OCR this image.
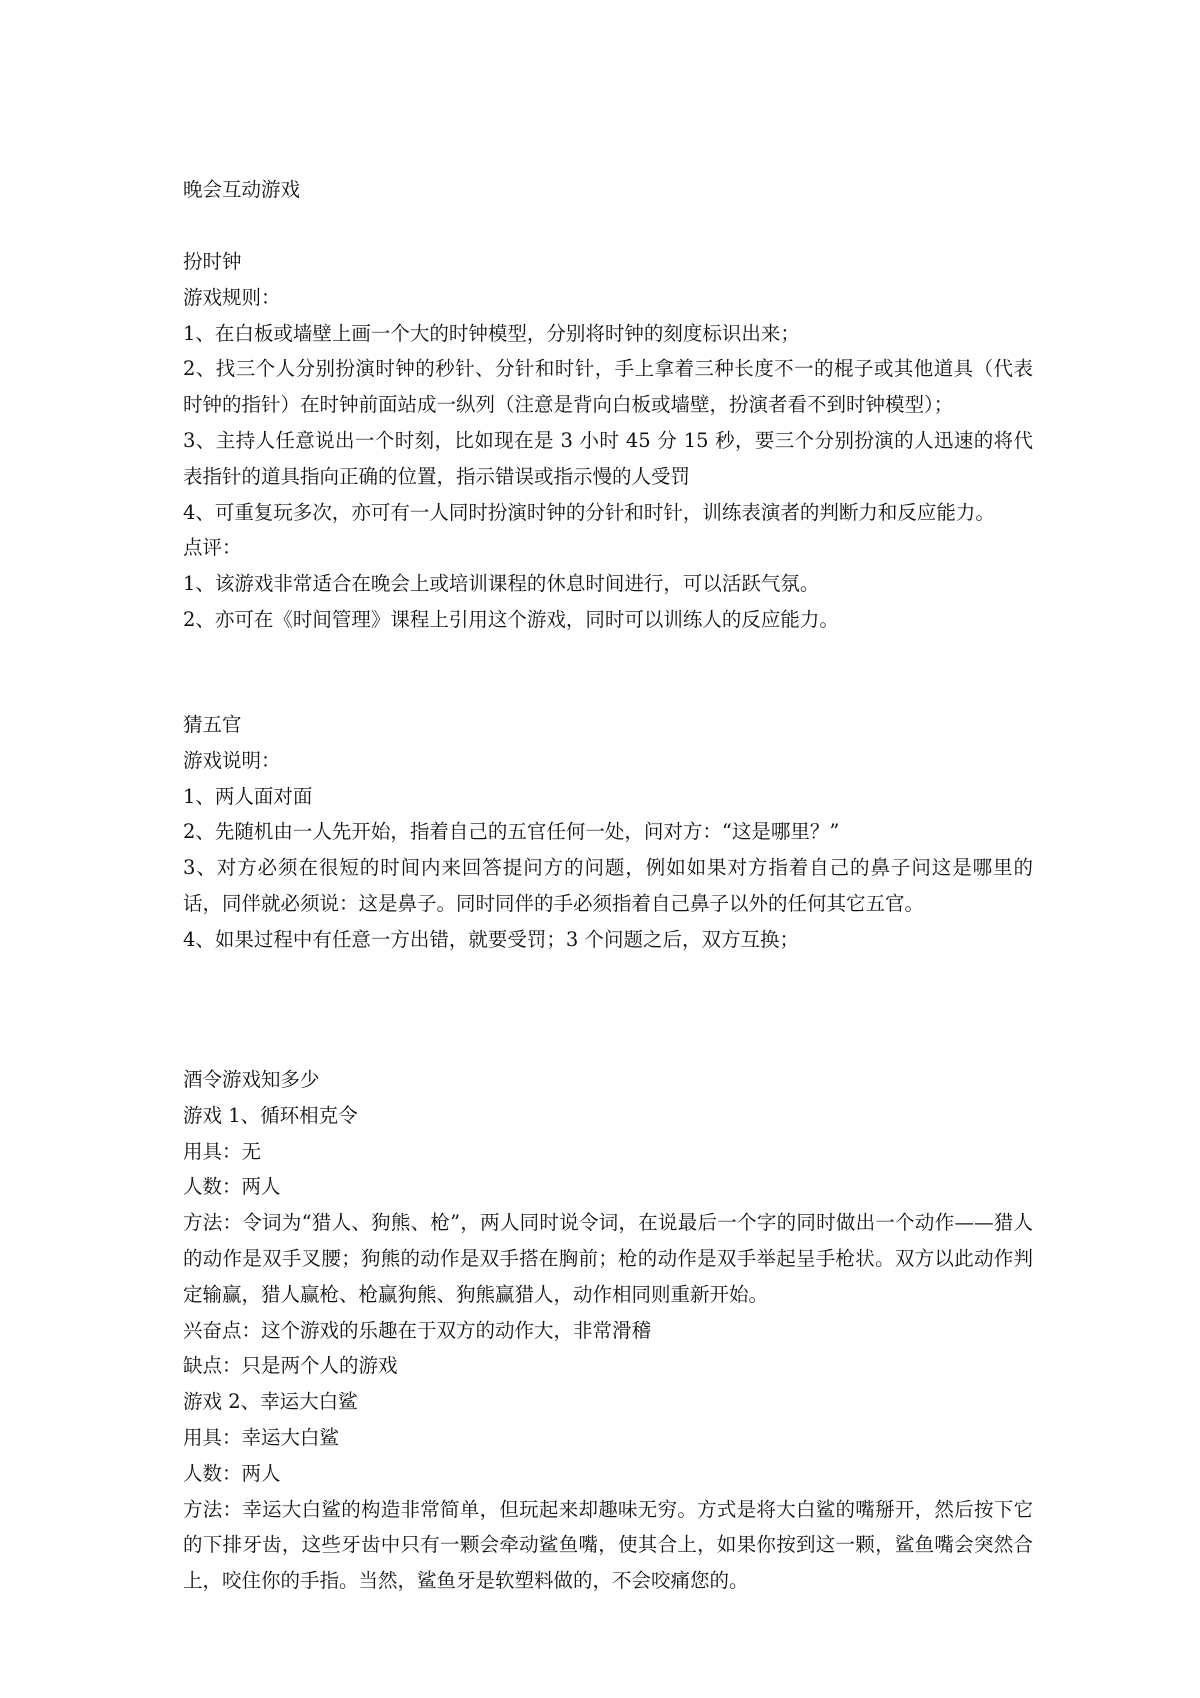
晚会互动游戏
扮时钟
游戏规则：
1、在白板或墙壁上画一个大的时钟模型，分别将时钟的刻度标识出来；
2、找三个人分别扮演时钟的秒针、分针和时针，手上拿着三种长度不一的棍子或其他道具（代表时钟的指针）在时钟前面站成一纵列（注意是背向白板或墙壁，扮演者看不到时钟模型）；
3、主持人任意说出一个时刻，比如现在是 3 小时 45 分 15 秒，要三个分别扮演的人迅速的将代表指针的道具指向正确的位置，指示错误或指示慢的人受罚
4、可重复玩多次，亦可有一人同时扮演时钟的分针和时针，训练表演者的判断力和反应能力。
点评：
1、该游戏非常适合在晚会上或培训课程的休息时间进行，可以活跃气氛。
2、亦可在《时间管理》课程上引用这个游戏，同时可以训练人的反应能力。
猜五官
游戏说明：
1、两人面对面
2、先随机由一人先开始，指着自己的五官任何一处，问对方：“这是哪里？”
3、对方必须在很短的时间内来回答提问方的问题，例如如果对方指着自己的鼻子问这是哪里的话，同伴就必须说：这是鼻子。同时同伴的手必须指着自己鼻子以外的任何其它五官。
4、如果过程中有任意一方出错，就要受罚；3 个问题之后，双方互换；
酒令游戏知多少
游戏 1、循环相克令
用具：无
人数：两人
方法：令词为“猎人、狗熊、枪”，两人同时说令词，在说最后一个字的同时做出一个动作——猎人的动作是双手叉腰；狗熊的动作是双手搭在胸前；枪的动作是双手举起呈手枪状。双方以此动作判定输赢，猎人赢枪、枪赢狗熊、狗熊赢猎人，动作相同则重新开始。
兴奋点：这个游戏的乐趣在于双方的动作大，非常滑稽
缺点：只是两个人的游戏
游戏 2、幸运大白鲨
用具：幸运大白鲨
人数：两人
方法：幸运大白鲨的构造非常简单，但玩起来却趣味无穷。方式是将大白鲨的嘴掰开，然后按下它的下排牙齿，这些牙齿中只有一颗会牵动鲨鱼嘴，使其合上，如果你按到这一颗，鲨鱼嘴会突然合上，咬住你的手指。当然，鲨鱼牙是软塑料做的，不会咬痛您的。
